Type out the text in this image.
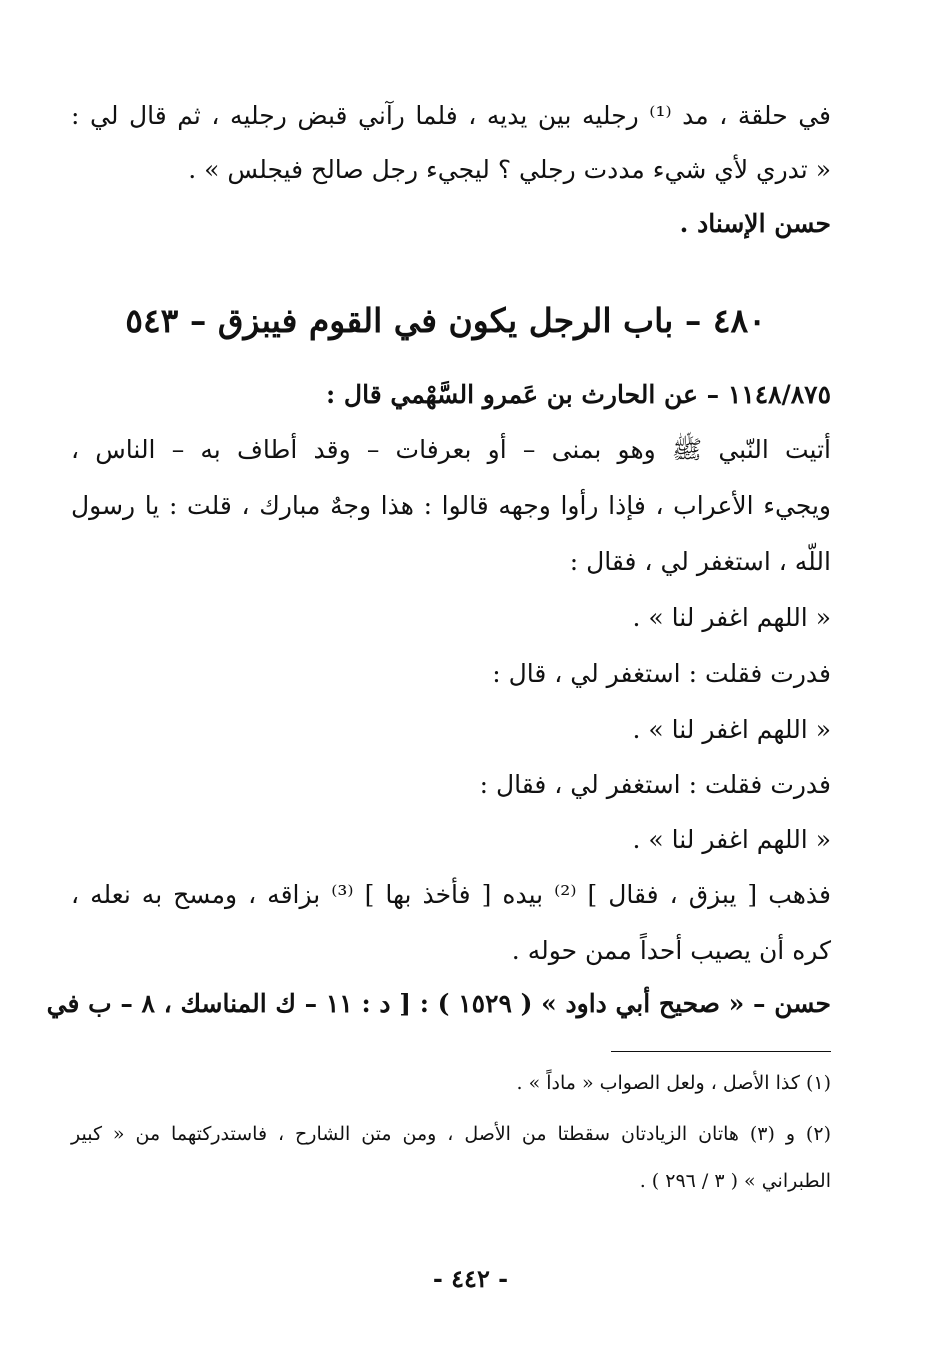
في حلقة ، مد ⁽¹⁾ رجليه بين يديه ، فلما رآني قبض رجليه ، ثم قال لي :
« تدري لأي شيء مددت رجلي ؟ ليجيء رجل صالح فيجلس » .
حسن الإسناد .
٤٨٠ – باب الرجل يكون في القوم فيبزق – ٥٤٣
١١٤٨/٨٧٥ – عن الحارث بن عَمرو السَّهْمي قال :
أتيت النّبي ﷺ وهو بمنى – أو بعرفات – وقد أطاف به – الناس ،
ويجيء الأعراب ، فإذا رأوا وجهه قالوا : هذا وجهٌ مبارك ، قلت : يا رسول
اللّه ، استغفر لي ، فقال :
« اللهم اغفر لنا » .
فدرت فقلت : استغفر لي ، قال :
« اللهم اغفر لنا » .
فدرت فقلت : استغفر لي ، فقال :
« اللهم اغفر لنا » .
فذهب [ يبزق ، فقال ] ⁽²⁾ بيده [ فأخذ بها ] ⁽³⁾ بزاقه ، ومسح به نعله ،
كره أن يصيب أحداً ممن حوله .
حسن – « صحيح أبي داود » ( ١٥٢٩ ) : [ د : ١١ – ك المناسك ، ٨ – ب في
(١) كذا الأصل ، ولعل الصواب « ماداً » .
(٢) و (٣) هاتان الزيادتان سقطتا من الأصل ، ومن متن الشارح ، فاستدركتهما من « كبير
الطبراني » ( ٣ / ٢٩٦ ) .
- ٤٤٢ -
